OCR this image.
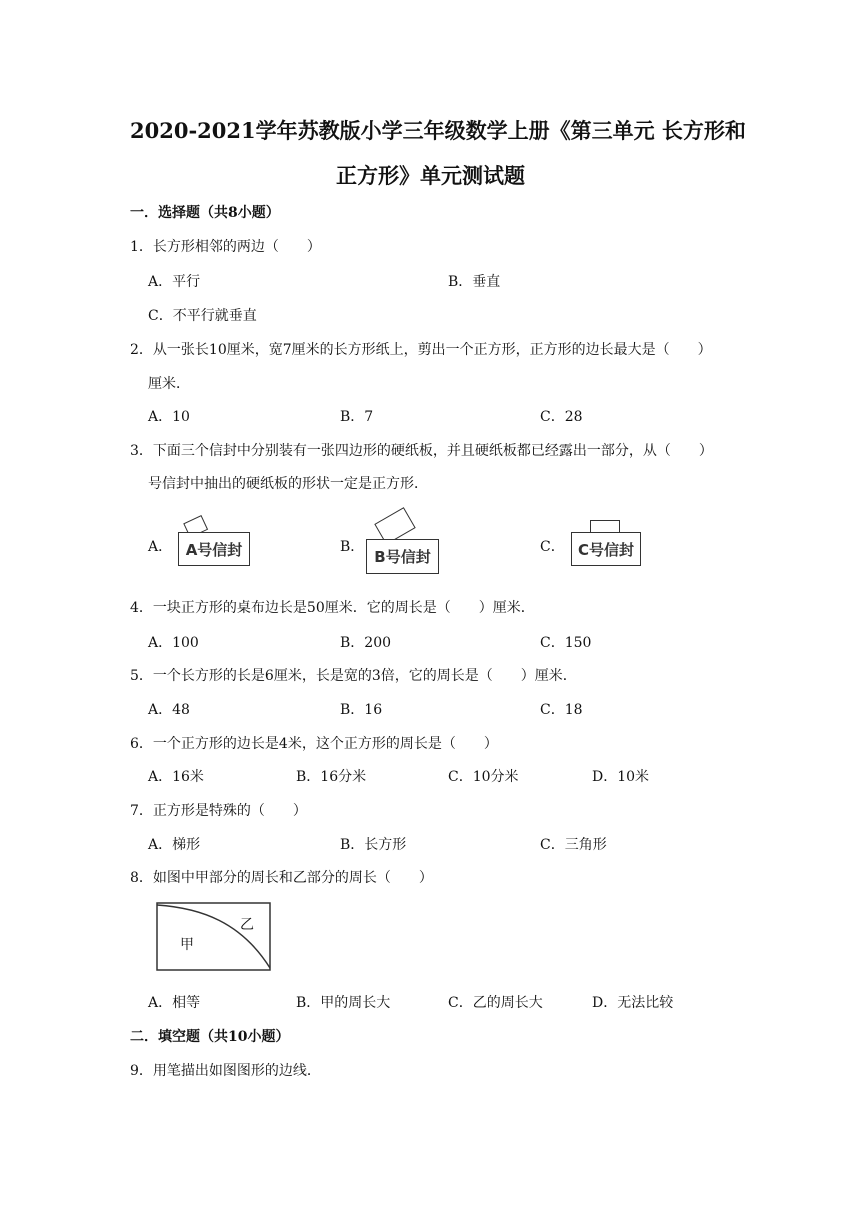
2020-2021学年苏教版小学三年级数学上册《第三单元 长方形和
正方形》单元测试题
一．选择题（共8小题）
1．长方形相邻的两边（　　）
A．平行	B．垂直
C．不平行就垂直
2．从一张长10厘米，宽7厘米的长方形纸上，剪出一个正方形，正方形的边长最大是（　　）
厘米．
A．10	B．7	C．28
3．下面三个信封中分别装有一张四边形的硬纸板，并且硬纸板都已经露出一部分，从（　　）
号信封中抽出的硬纸板的形状一定是正方形．
A． A号信封	B．
B号信封
C． C号信封
4．一块正方形的桌布边长是50厘米．它的周长是（　　）厘米．
A．100	B．200	C．150
5．一个长方形的长是6厘米，长是宽的3倍，它的周长是（　　）厘米．
A．48	B．16	C．18
6．一个正方形的边长是4米，这个正方形的周长是（　　）
A．16米	B．16分米	C．10分米	D．10米
7．正方形是特殊的（　　）
A．梯形	B．长方形	C．三角形
8．如图中甲部分的周长和乙部分的周长（　　）
乙
甲
A．相等	B．甲的周长大	C．乙的周长大	D．无法比较
二．填空题（共10小题）
9．用笔描出如图图形的边线．
